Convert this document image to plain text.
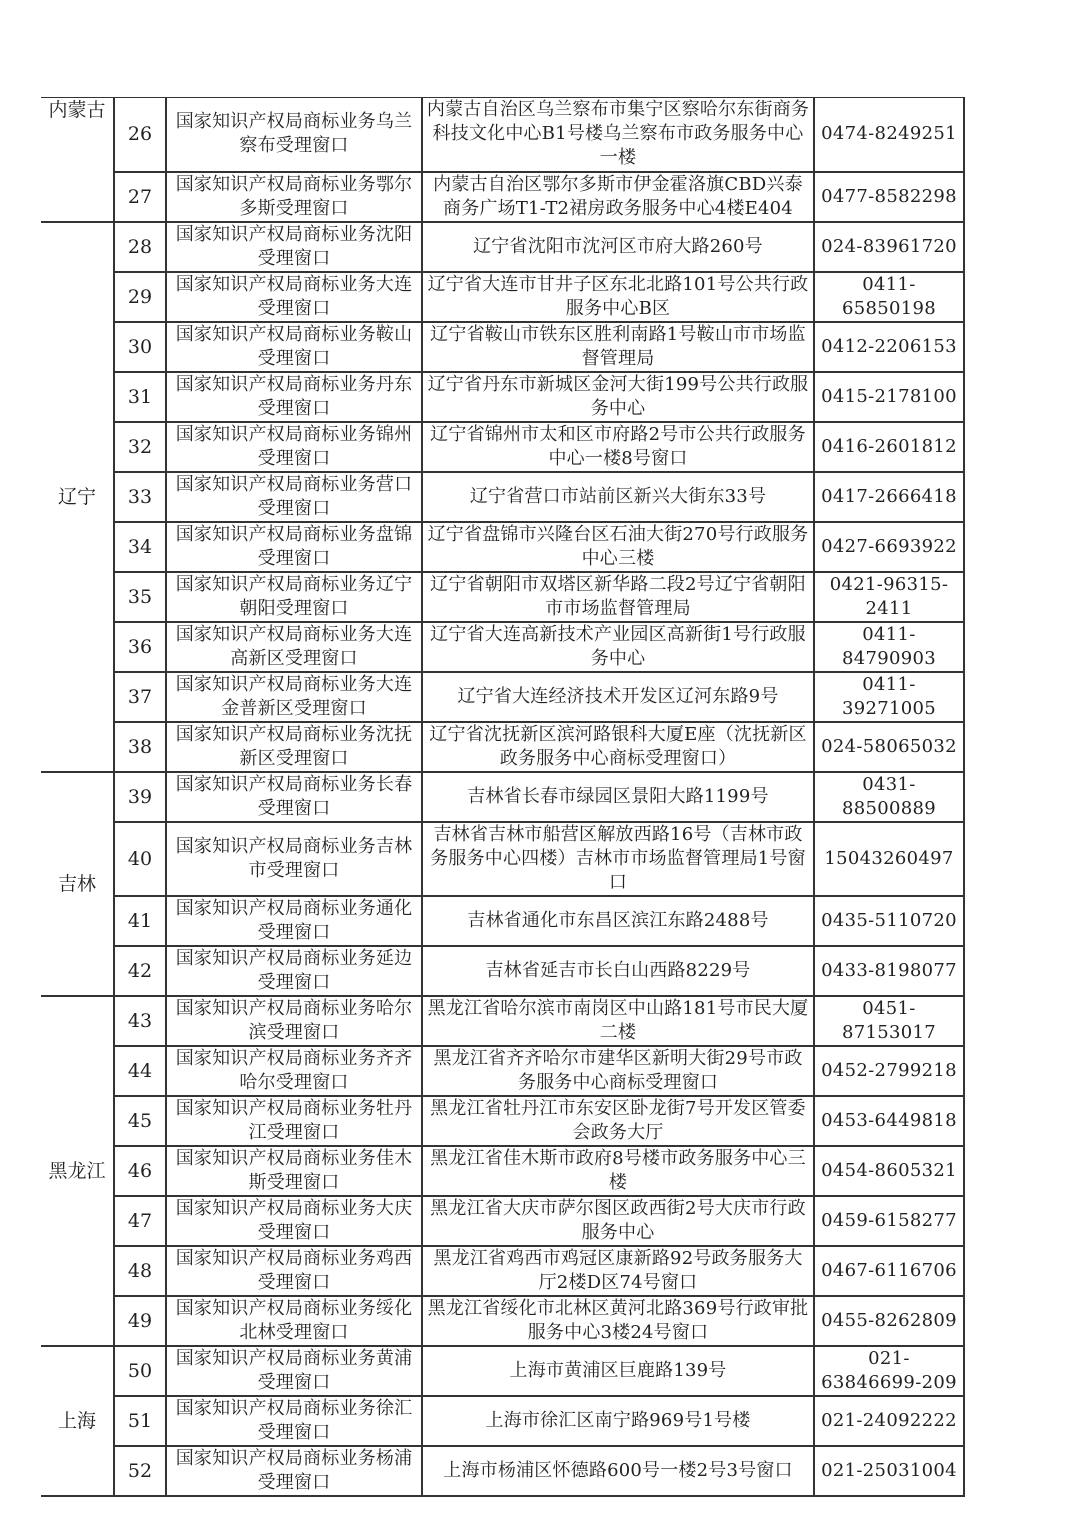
内蒙古	26	国家知识产权局商标业务乌兰察布受理窗口	内蒙古自治区乌兰察布市集宁区察哈尔东街商务科技文化中心B1号楼乌兰察布市政务服务中心一楼	0474-8249251
	27	国家知识产权局商标业务鄂尔多斯受理窗口	内蒙古自治区鄂尔多斯市伊金霍洛旗CBD兴泰商务广场T1-T2裙房政务服务中心4楼E404	0477-8582298
辽宁	28	国家知识产权局商标业务沈阳受理窗口	辽宁省沈阳市沈河区市府大路260号	024-83961720
	29	国家知识产权局商标业务大连受理窗口	辽宁省大连市甘井子区东北北路101号公共行政服务中心B区	0411-65850198
	30	国家知识产权局商标业务鞍山受理窗口	辽宁省鞍山市铁东区胜利南路1号鞍山市市场监督管理局	0412-2206153
	31	国家知识产权局商标业务丹东受理窗口	辽宁省丹东市新城区金河大街199号公共行政服务中心	0415-2178100
	32	国家知识产权局商标业务锦州受理窗口	辽宁省锦州市太和区市府路2号市公共行政服务中心一楼8号窗口	0416-2601812
	33	国家知识产权局商标业务营口受理窗口	辽宁省营口市站前区新兴大街东33号	0417-2666418
	34	国家知识产权局商标业务盘锦受理窗口	辽宁省盘锦市兴隆台区石油大街270号行政服务中心三楼	0427-6693922
	35	国家知识产权局商标业务辽宁朝阳受理窗口	辽宁省朝阳市双塔区新华路二段2号辽宁省朝阳市市场监督管理局	0421-96315-2411
	36	国家知识产权局商标业务大连高新区受理窗口	辽宁省大连高新技术产业园区高新街1号行政服务中心	0411-84790903
	37	国家知识产权局商标业务大连金普新区受理窗口	辽宁省大连经济技术开发区辽河东路9号	0411-39271005
	38	国家知识产权局商标业务沈抚新区受理窗口	辽宁省沈抚新区滨河路银科大厦E座（沈抚新区政务服务中心商标受理窗口）	024-58065032
吉林	39	国家知识产权局商标业务长春受理窗口	吉林省长春市绿园区景阳大路1199号	0431-88500889
	40	国家知识产权局商标业务吉林市受理窗口	吉林省吉林市船营区解放西路16号（吉林市政务服务中心四楼）吉林市市场监督管理局1号窗口	15043260497
	41	国家知识产权局商标业务通化受理窗口	吉林省通化市东昌区滨江东路2488号	0435-5110720
	42	国家知识产权局商标业务延边受理窗口	吉林省延吉市长白山西路8229号	0433-8198077
黑龙江	43	国家知识产权局商标业务哈尔滨受理窗口	黑龙江省哈尔滨市南岗区中山路181号市民大厦二楼	0451-87153017
	44	国家知识产权局商标业务齐齐哈尔受理窗口	黑龙江省齐齐哈尔市建华区新明大街29号市政务服务中心商标受理窗口	0452-2799218
	45	国家知识产权局商标业务牡丹江受理窗口	黑龙江省牡丹江市东安区卧龙街7号开发区管委会政务大厅	0453-6449818
	46	国家知识产权局商标业务佳木斯受理窗口	黑龙江省佳木斯市政府8号楼市政务服务中心三楼	0454-8605321
	47	国家知识产权局商标业务大庆受理窗口	黑龙江省大庆市萨尔图区政西街2号大庆市行政服务中心	0459-6158277
	48	国家知识产权局商标业务鸡西受理窗口	黑龙江省鸡西市鸡冠区康新路92号政务服务大厅2楼D区74号窗口	0467-6116706
	49	国家知识产权局商标业务绥化北林受理窗口	黑龙江省绥化市北林区黄河北路369号行政审批服务中心3楼24号窗口	0455-8262809
上海	50	国家知识产权局商标业务黄浦受理窗口	上海市黄浦区巨鹿路139号	021-63846699-209
	51	国家知识产权局商标业务徐汇受理窗口	上海市徐汇区南宁路969号1号楼	021-24092222
	52	国家知识产权局商标业务杨浦受理窗口	上海市杨浦区怀德路600号一楼2号3号窗口	021-25031004
